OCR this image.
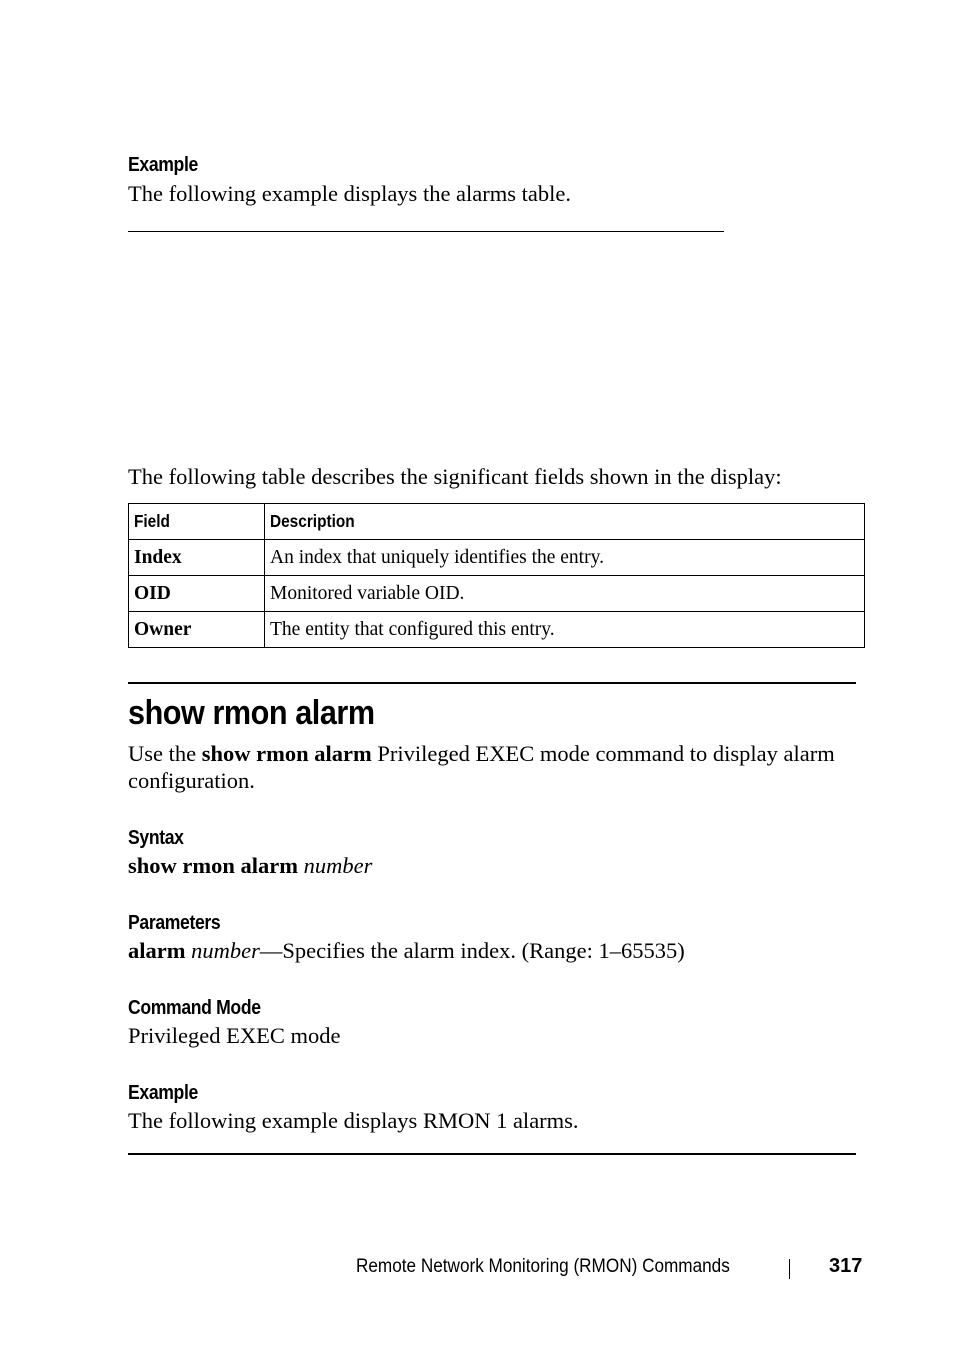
Example
The following example displays the alarms table.
The following table describes the significant fields shown in the display:
Field	Description
Index	An index that uniquely identifies the entry.
OID	Monitored variable OID.
Owner	The entity that configured this entry.
show rmon alarm
Use the show rmon alarm Privileged EXEC mode command to display alarm
configuration.
Syntax
show rmon alarm number
Parameters
alarm number—Specifies the alarm index. (Range: 1–65535)
Command Mode
Privileged EXEC mode
Example
The following example displays RMON 1 alarms.
Remote Network Monitoring (RMON) Commands	317
